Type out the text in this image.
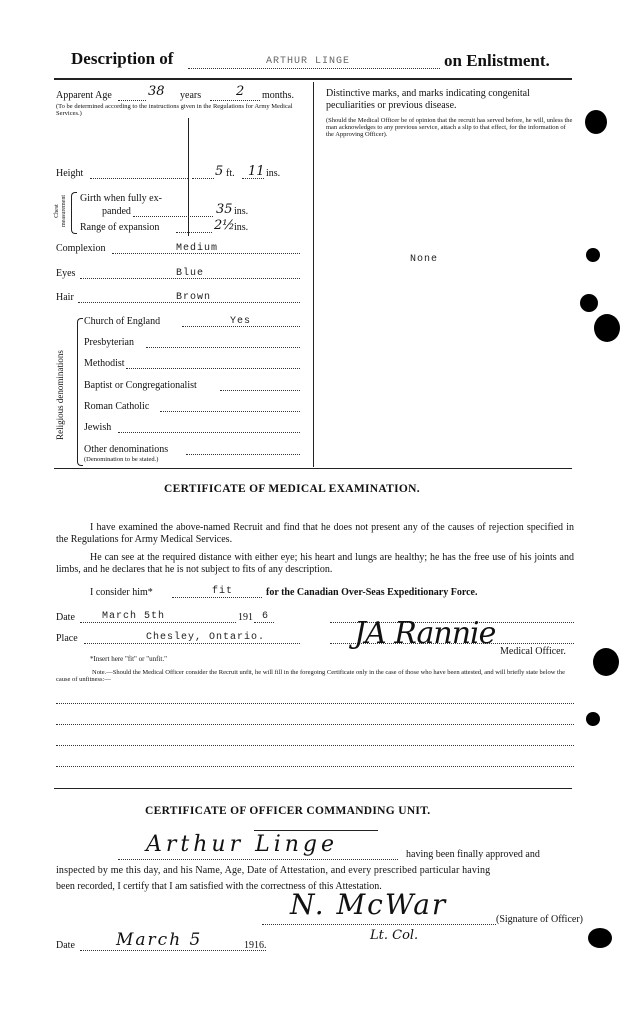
Description of	ARTHUR LINGE	on Enlistment.
Apparent Age	38 years	2 months.
(To be determined according to the instructions given in the Regulations for Army Medical Services.)
Height	5 ft. 11 ins.
Chest measurement Girth when fully ex-
panded	35 ins.
Range of expansion	2½ ins.
Complexion	Medium
Eyes	Blue
Hair	Brown
Religious denominations
Church of England	Yes
Presbyterian
Methodist
Baptist or Congregationalist
Roman Catholic
Jewish
Other denominations
(Denomination to be stated.)
Distinctive marks, and marks indicating congenital peculiarities or previous disease.
(Should the Medical Officer be of opinion that the recruit has served before, he will, unless the man acknowledges to any previous service, attach a slip to that effect, for the information of the Approving Officer).
None
CERTIFICATE OF MEDICAL EXAMINATION.
I have examined the above-named Recruit and find that he does not present any of the causes of rejection specified in the Regulations for Army Medical Services.
He can see at the required distance with either eye; his heart and lungs are healthy; he has the free use of his joints and limbs, and he declares that he is not subject to fits of any description.
I consider him*	fit	for the Canadian Over-Seas Expeditionary Force.
Date	March 5th	191 6
Place	Chesley, Ontario.	JA Rannie
Medical Officer.
*Insert here "fit" or "unfit."
Note.—Should the Medical Officer consider the Recruit unfit, he will fill in the foregoing Certificate only in the case of those who have been attested, and will briefly state below the cause of unfitness:—
CERTIFICATE OF OFFICER COMMANDING UNIT.
Arthur Linge	having been finally approved and
inspected by me this day, and his Name, Age, Date of Attestation, and every prescribed particular having
been recorded, I certify that I am satisfied with the correctness of this Attestation.
N. McWar	(Signature of Officer)
Lt. Col.
Date March 5	1916.
